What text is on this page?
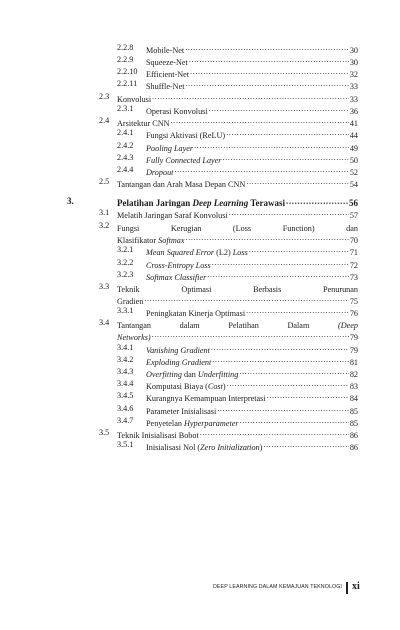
2.2.8 Mobile-Net .....	30
2.2.9 Squeeze-Net .....	30
2.2.10 Efficient-Net .....	32
2.2.11 Shuffle-Net .....	33
2.3 Konvolusi .....	33
2.3.1 Operasi Konvolusi .....	36
2.4 Arsitektur CNN .....	41
2.4.1 Fungsi Aktivasi (ReLU) .....	44
2.4.2 Pooling Layer .....	49
2.4.3 Fully Connected Layer .....	50
2.4.4 Dropout .....	52
2.5 Tantangan dan Arah Masa Depan CNN .....	54
3.	Pelatihan Jaringan Deep Learning Terawasi .....	56
3.1 Melatih Jaringan Saraf Konvolusi .....	57
3.2 Fungsi	Kerugian	(Loss	Function)	dan
Klasifikator Softmax .....	70
3.2.1 Mean Squared Error (L2) Loss .....	71
3.2.2 Cross-Entropy Loss .....	72
3.2.3 Softmax Classifier .....	73
3.3 Teknik	Optimasi	Berbasis	Penurunan
Gradien .....	75
3.3.1 Peningkatan Kinerja Optimasi .....	76
3.4 Tantangan	dalam	Pelatihan	Dalam	(Deep
Networks) .....	79
3.4.1 Vanishing Gradient .....	79
3.4.2 Exploding Gradient .....	81
3.4.3 Overfitting dan Underfitting .....	82
3.4.4 Komputasi Biaya (Cost) .....	83
3.4.5 Kurangnya Kemampuan Interpretasi .....	84
3.4.6 Parameter Inisialisasi .....	85
3.4.7 Penyetelan Hyperparameter .....	85
3.5 Teknik Inisialisasi Bobot .....	86
3.5.1 Inisialisasi Nol (Zero Initialization) .....	86
DEEP LEARNING DALAM KEMAJUAN TEKNOLOGI xi
